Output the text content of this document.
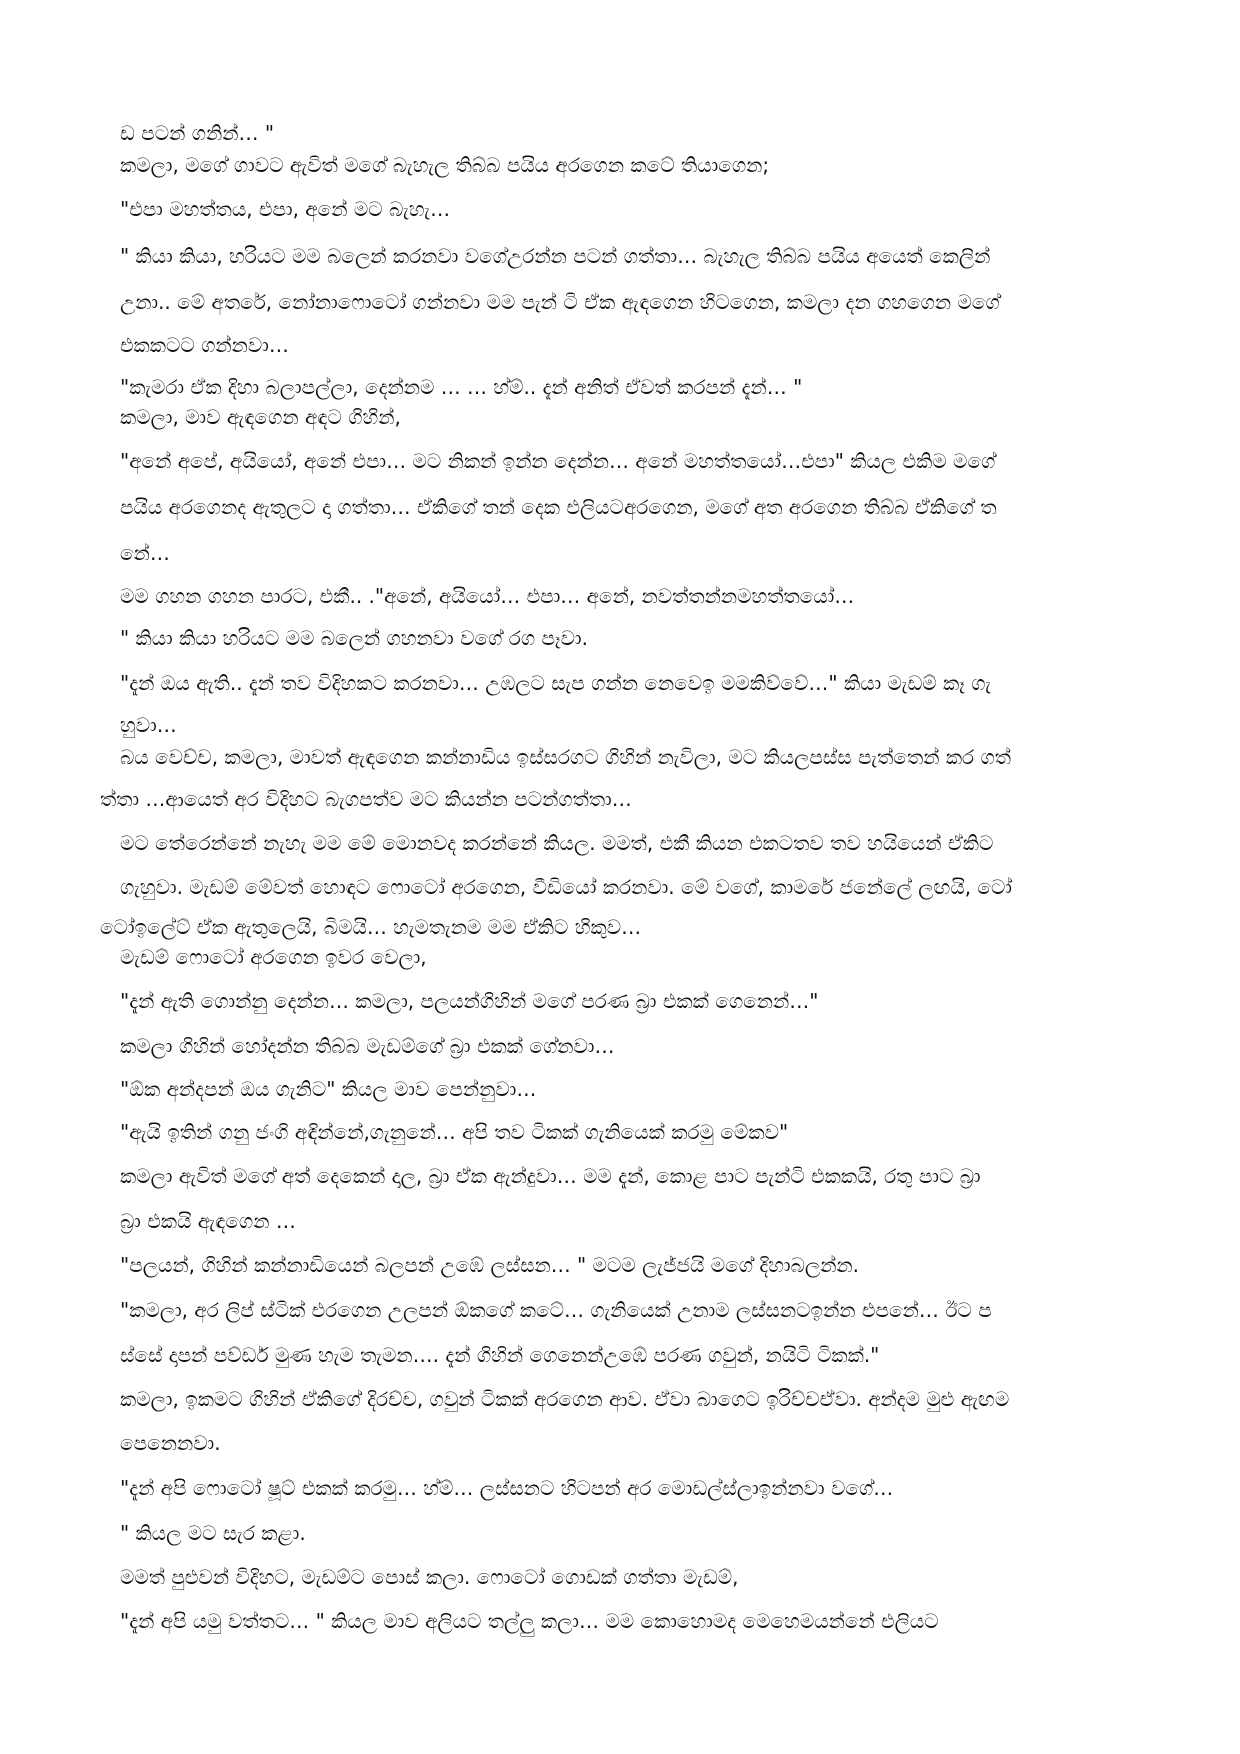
ඩ පටන් ගනින්… "
කමලා, මගේ ගාවට ඇවිත් මගේ බැහැල තිබ්බ පයිය අරගෙන කටේ තියාගෙන;
"එපා මහත්තය, එපා, අනේ මට බැහැ…
" කියා කියා, හරියට මම බලෙන් කරනවා වගේඋරන්න පටන් ගත්තා… බැහැල තිබ්බ පයිය අයෙත් කෙලින්
උනා.. මේ අතරේ, නෝනාෆොටෝ ගන්නවා මම පැන් ටි ඒක ඇඳගෙන හිටගෙන, කමලා දන ගහගෙන මගේ
එකකටට ගන්නවා…
"කැමරා ඒක දිහා බලාපල්ලා, දෙන්නම … … හ්ම්.. දැන් අනිත් ඒවත් කරපන් දැන්… "
කමලා, මාව ඇඳගෙන අඳට ගිහින්,
"අනේ අපේ, අයියෝ, අනේ එපා… මට නිකන් ඉන්න දෙන්න… අනේ මහත්තයෝ…එපා" කියල එකිම මගේ
පයිය අරගෙනද ඇතුලට දා ගත්තා… ඒකිගේ තන් දෙක එලියටඅරගෙන, මගේ අත අරගෙන තිබ්බ ඒකිගේ ත
නේ…
මම ගහන ගහන පාරට, එකී.. ."අනේ, අයියෝ… එපා… අනේ, නවත්තන්නමහත්තයෝ…
" කියා කියා හරියට මම බලෙන් ගහනවා වගේ රග පෑවා.
"දැන් ඔය ඇති.. දැන් තව විදිහකට කරනවා… උඹලට සැප ගන්න නෙවෙඉ මමකිව්වේ…" කියා මැඩම් කෑ ගැ
හුවා…
බය වෙච්ච, කමලා, මාවත් ඇඳගෙන කන්නාඩිය ඉස්සරගට ගිහින් නැවිලා, මට කියලපස්ස පැත්තෙන් කර ගත්
ත්තා …ආයෙත් අර විදිහට බැගපත්ව මට කියන්න පටන්ගත්තා…
මට තේරෙන්නේ නැහැ මම මේ මොනවද කරන්නේ කියල. මමත්, එකී කියන එකටතව තව හයියෙන් ඒකිට
ගැහුවා. මැඩම් මේවත් හොඳට ෆොටෝ අරගෙන, වීඩියෝ කරනවා. මේ වගේ, කාමරේ ජනේලේ ලඟයි, ටෝ
ටෝඉලේට් ඒක ඇතුලෙයි, බිමයි… හැමතැනම මම ඒකිට හිකුව…
මැඩම් ෆොටෝ අරගෙන ඉවර වෙලා,
"දැන් ඇති ගොන්නු දෙන්න… කමලා, පලයන්ගිහින් මගේ පරණ බ්‍රා එකක් ගෙනෙන්…"
කමලා ගිහින් හෝදන්න තිබ්බ මැඩම්ගේ බ්‍රා එකක් ගේනවා…
"ඕක අන්දපන් ඔය ගැනිට" කියල මාව පෙන්නුවා…
"ඇයි ඉතින් ගනු ජංගි අඳින්නේ,ගැනුනේ… අපි තව ටිකක් ගැනියෙක් කරමු මේකව"
කමලා ඇවිත් මගේ අත් දෙකෙන් දාල, බ්‍රා ඒක ඇන්දුවා… මම දැන්, කොළ පාට පැන්ටි එකකයි, රතු පාට බ්‍රා
බ්‍රා එකයි ඇඳගෙන …
"පලයන්, ගිහින් කන්නාඩියෙන් බලපන් උඹේ ලස්සන… " මටම ලැජ්ජයි මගේ දිහාබලන්න.
"කමලා, අර ලිප් ස්ටික් එරගෙන උලපන් ඕකගේ කටේ… ගැනියෙක් උනාම ලස්සනටඉන්න එපනේ… ඊට ප
ස්සේ දාපන් පව්ඩර් මුණ හැම තැමන…. දැන් ගිහින් ගෙනෙන්උඹේ පරණ ගවුන්, නයිටි ටිකක්."
කමලා, ඉකමට ගිහින් ඒකිගේ දිරච්ච, ගවුන් ටිකක් අරගෙන ආව. ඒවා බාගෙට ඉරිච්චඒවා. අන්දම මුළු ඇඟම
පෙනෙනවා.
"දැන් අපි ෆොටෝ ෂූට් එකක් කරමු… හ්ම්… ලස්සනට හිටපන් අර මොඩල්ස්ලාඉන්නවා වගේ…
" කියල මට සැර කළා.
මමත් පුළුවන් විදිහට, මැඩම්ට පොස් කලා. ෆොටෝ ගොඩක් ගත්තා මැඩම්,
"දැන් අපි යමු වත්තට… " කියල මාව අලියට තල්ලු කලා… මම කොහොමද මෙහෙමයන්නේ එලියට
